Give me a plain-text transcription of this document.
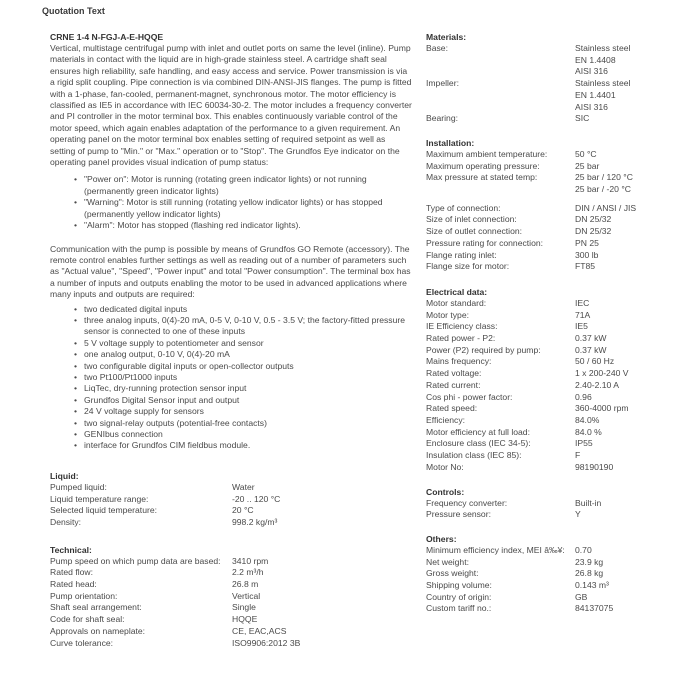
Quotation Text
CRNE 1-4 N-FGJ-A-E-HQQE

Vertical, multistage centrifugal pump with inlet and outlet ports on same the level (inline). Pump materials in contact with the liquid are in high-grade stainless steel. A cartridge shaft seal ensures high reliability, safe handling, and easy access and service. Power transmission is via a rigid split coupling. Pipe connection is via combined DIN-ANSI-JIS flanges. The pump is fitted with a 1-phase, fan-cooled, permanent-magnet, synchronous motor. The motor efficiency is classified as IE5 in accordance with IEC 60034-30-2. The motor includes a frequency converter and PI controller in the motor terminal box. This enables continuously variable control of the motor speed, which again enables adaptation of the performance to a given requirement. An operating panel on the motor terminal box enables setting of required setpoint as well as setting of pump to "Min." or "Max." operation or to "Stop". The Grundfos Eye indicator on the operating panel provides visual indication of pump status:

• "Power on": Motor is running (rotating green indicator lights) or not running (permanently green indicator lights)
• "Warning": Motor is still running (rotating yellow indicator lights) or has stopped (permanently yellow indicator lights)
• "Alarm": Motor has stopped (flashing red indicator lights).

Communication with the pump is possible by means of Grundfos GO Remote (accessory). The remote control enables further settings as well as reading out of a number of parameters such as "Actual value", "Speed", "Power input" and total "Power consumption". The terminal box has a number of inputs and outputs enabling the motor to be used in advanced applications where many inputs and outputs are required:

• two dedicated digital inputs
• three analog inputs, 0(4)-20 mA, 0-5 V, 0-10 V, 0.5 - 3.5 V; the factory-fitted pressure sensor is connected to one of these inputs
• 5 V voltage supply to potentiometer and sensor
• one analog output, 0-10 V, 0(4)-20 mA
• two configurable digital inputs or open-collector outputs
• two Pt100/Pt1000 inputs
• LiqTec, dry-running protection sensor input
• Grundfos Digital Sensor input and output
• 24 V voltage supply for sensors
• two signal-relay outputs (potential-free contacts)
• GENIbus connection
• interface for Grundfos CIM fieldbus module.
Liquid:
Pumped liquid:	Water
Liquid temperature range:	-20 .. 120 °C
Selected liquid temperature:	20 °C
Density:	998.2 kg/m³
Technical:
Pump speed on which pump data are based:	3410 rpm
Rated flow:	2.2 m³/h
Rated head:	26.8 m
Pump orientation:	Vertical
Shaft seal arrangement:	Single
Code for shaft seal:	HQQE
Approvals on nameplate:	CE, EAC,ACS
Curve tolerance:	ISO9906:2012 3B
Materials:
Base:	Stainless steel
EN 1.4408
AISI 316
Impeller:	Stainless steel
EN 1.4401
AISI 316
Bearing:	SIC
Installation:
Maximum ambient temperature:	50 °C
Maximum operating pressure:	25 bar
Max pressure at stated temp:	25 bar / 120 °C
25 bar / -20 °C
Type of connection:	DIN / ANSI / JIS
Size of inlet connection:	DN 25/32
Size of outlet connection:	DN 25/32
Pressure rating for connection:	PN 25
Flange rating inlet:	300 lb
Flange size for motor:	FT85
Electrical data:
Motor standard:	IEC
Motor type:	71A
IE Efficiency class:	IE5
Rated power - P2:	0.37 kW
Power (P2) required by pump:	0.37 kW
Mains frequency:	50 / 60 Hz
Rated voltage:	1 x 200-240 V
Rated current:	2.40-2.10 A
Cos phi - power factor:	0.96
Rated speed:	360-4000 rpm
Efficiency:	84.0%
Motor efficiency at full load:	84.0 %
Enclosure class (IEC 34-5):	IP55
Insulation class (IEC 85):	F
Motor No:	98190190
Controls:
Frequency converter:	Built-in
Pressure sensor:	Y
Others:
Minimum efficiency index, MEI â‰¥:	0.70
Net weight:	23.9 kg
Gross weight:	26.8 kg
Shipping volume:	0.143 m³
Country of origin:	GB
Custom tariff no.:	84137075
